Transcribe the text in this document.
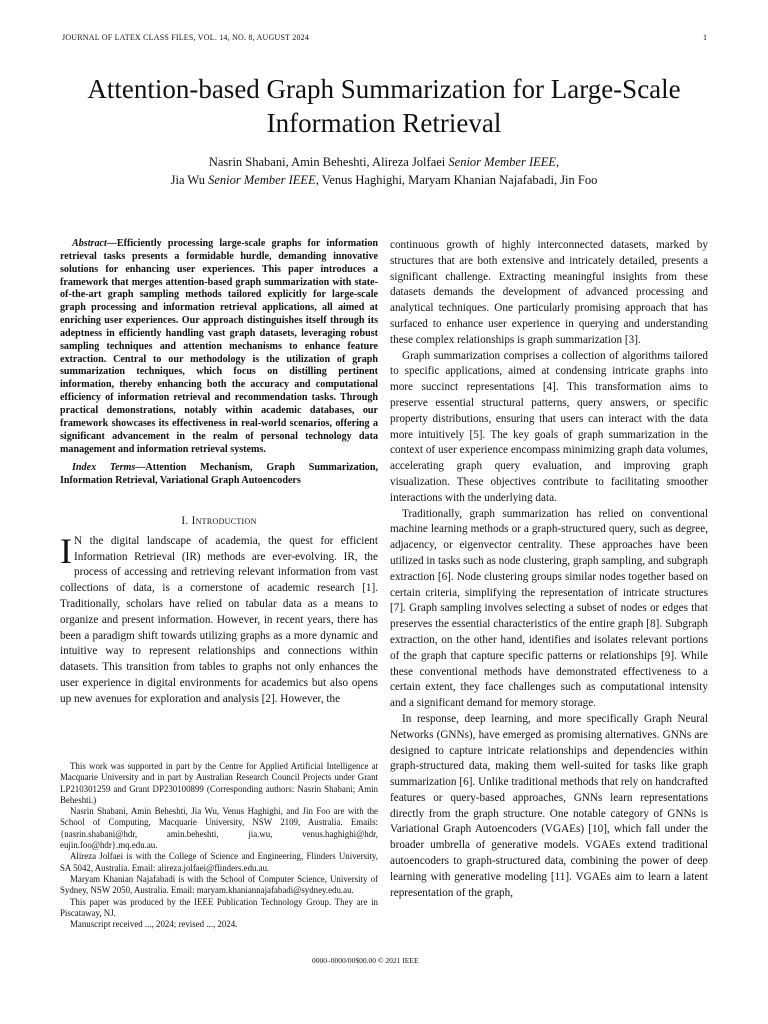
JOURNAL OF LATEX CLASS FILES, VOL. 14, NO. 8, AUGUST 2024	1
Attention-based Graph Summarization for Large-Scale Information Retrieval
Nasrin Shabani, Amin Beheshti, Alireza Jolfaei Senior Member IEEE,
Jia Wu Senior Member IEEE, Venus Haghighi, Maryam Khanian Najafabadi, Jin Foo

Abstract—Efficiently processing large-scale graphs for information retrieval tasks presents a formidable hurdle, demanding innovative solutions for enhancing user experiences. This paper introduces a framework that merges attention-based graph summarization with state-of-the-art graph sampling methods tailored explicitly for large-scale graph processing and information retrieval applications, all aimed at enriching user experiences. Our approach distinguishes itself through its adeptness in efficiently handling vast graph datasets, leveraging robust sampling techniques and attention mechanisms to enhance feature extraction. Central to our methodology is the utilization of graph summarization techniques, which focus on distilling pertinent information, thereby enhancing both the accuracy and computational efficiency of information retrieval and recommendation tasks. Through practical demonstrations, notably within academic databases, our framework showcases its effectiveness in real-world scenarios, offering a significant advancement in the realm of personal technology data management and information retrieval systems.

Index Terms—Attention Mechanism, Graph Summarization, Information Retrieval, Variational Graph Autoencoders

I. Introduction

I N the digital landscape of academia, the quest for efficient Information Retrieval (IR) methods are ever-evolving. IR, the process of accessing and retrieving relevant information from vast collections of data, is a cornerstone of academic research [1]. Traditionally, scholars have relied on tabular data as a means to organize and present information. However, in recent years, there has been a paradigm shift towards utilizing graphs as a more dynamic and intuitive way to represent relationships and connections within datasets. This transition from tables to graphs not only enhances the user experience in digital environments for academics but also opens up new avenues for exploration and analysis [2]. However, the

This work was supported in part by the Centre for Applied Artificial Intelligence at Macquarie University and in part by Australian Research Council Projects under Grant LP210301259 and Grant DP230100899 (Corresponding authors: Nasrin Shabani; Amin Beheshti.)

Nasrin Shabani, Amin Beheshti, Jia Wu, Venus Haghighi, and Jin Foo are with the School of Computing, Macquarie University, NSW 2109, Australia. Emails: {nasrin.shabani@hdr, amin.beheshti, jia.wu, venus.haghighi@hdr, eujin.foo@hdr}.mq.edu.au.

Alireza Jolfaei is with the College of Science and Engineering, Flinders University, SA 5042, Australia. Email: alireza.jolfaei@flinders.edu.au.

Maryam Khanian Najafabadi is with the School of Computer Science, University of Sydney, NSW 2050, Australia. Email: maryam.khaniannajafabadi@sydney.edu.au.

This paper was produced by the IEEE Publication Technology Group. They are in Piscataway, NJ.

Manuscript received ..., 2024; revised ..., 2024.

continuous growth of highly interconnected datasets, marked by structures that are both extensive and intricately detailed, presents a significant challenge. Extracting meaningful insights from these datasets demands the development of advanced processing and analytical techniques. One particularly promising approach that has surfaced to enhance user experience in querying and understanding these complex relationships is graph summarization [3].

Graph summarization comprises a collection of algorithms tailored to specific applications, aimed at condensing intricate graphs into more succinct representations [4]. This transformation aims to preserve essential structural patterns, query answers, or specific property distributions, ensuring that users can interact with the data more intuitively [5]. The key goals of graph summarization in the context of user experience encompass minimizing graph data volumes, accelerating graph query evaluation, and improving graph visualization. These objectives contribute to facilitating smoother interactions with the underlying data.

Traditionally, graph summarization has relied on conventional machine learning methods or a graph-structured query, such as degree, adjacency, or eigenvector centrality. These approaches have been utilized in tasks such as node clustering, graph sampling, and subgraph extraction [6]. Node clustering groups similar nodes together based on certain criteria, simplifying the representation of intricate structures [7]. Graph sampling involves selecting a subset of nodes or edges that preserves the essential characteristics of the entire graph [8]. Subgraph extraction, on the other hand, identifies and isolates relevant portions of the graph that capture specific patterns or relationships [9]. While these conventional methods have demonstrated effectiveness to a certain extent, they face challenges such as computational intensity and a significant demand for memory storage.

In response, deep learning, and more specifically Graph Neural Networks (GNNs), have emerged as promising alternatives. GNNs are designed to capture intricate relationships and dependencies within graph-structured data, making them well-suited for tasks like graph summarization [6]. Unlike traditional methods that rely on handcrafted features or query-based approaches, GNNs learn representations directly from the graph structure. One notable category of GNNs is Variational Graph Autoencoders (VGAEs) [10], which fall under the broader umbrella of generative models. VGAEs extend traditional autoencoders to graph-structured data, combining the power of deep learning with generative modeling [11]. VGAEs aim to learn a latent representation of the graph,

0000–0000/00$00.00 © 2021 IEEE
